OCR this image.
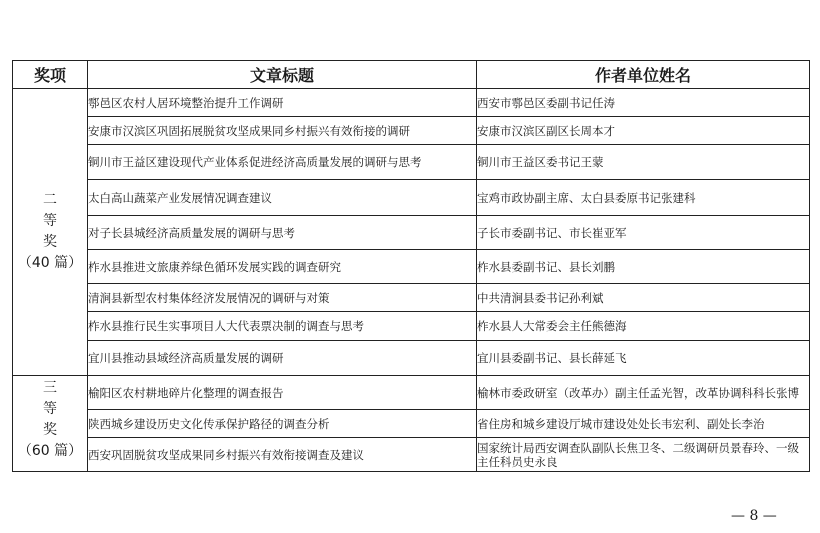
奖项	文章标题	作者单位姓名

二
等
奖
（40 篇）	鄠邑区农村人居环境整治提升工作调研	西安市鄠邑区委副书记任涛
	安康市汉滨区巩固拓展脱贫攻坚成果同乡村振兴有效衔接的调研	安康市汉滨区副区长周本才
	铜川市王益区建设现代产业体系促进经济高质量发展的调研与思考	铜川市王益区委书记王蒙
	太白高山蔬菜产业发展情况调查建议	宝鸡市政协副主席、太白县委原书记张建科
	对子长县城经济高质量发展的调研与思考	子长市委副书记、市长崔亚军
	柞水县推进文旅康养绿色循环发展实践的调查研究	柞水县委副书记、县长刘鹏
	清涧县新型农村集体经济发展情况的调研与对策	中共清涧县委书记孙利斌
	柞水县推行民生实事项目人大代表票决制的调查与思考	柞水县人大常委会主任熊德海
	宜川县推动县域经济高质量发展的调研	宜川县委副书记、县长薛延飞

三
等
奖
（60 篇）	榆阳区农村耕地碎片化整理的调查报告	榆林市委政研室（改革办）副主任孟光智，改革协调科科长张博
	陕西城乡建设历史文化传承保护路径的调查分析	省住房和城乡建设厅城市建设处处长韦宏利、副处长李治
	西安巩固脱贫攻坚成果同乡村振兴有效衔接调查及建议	国家统计局西安调查队副队长焦卫冬、二级调研员景春玲、一级主任科员史永良
— 8 —
